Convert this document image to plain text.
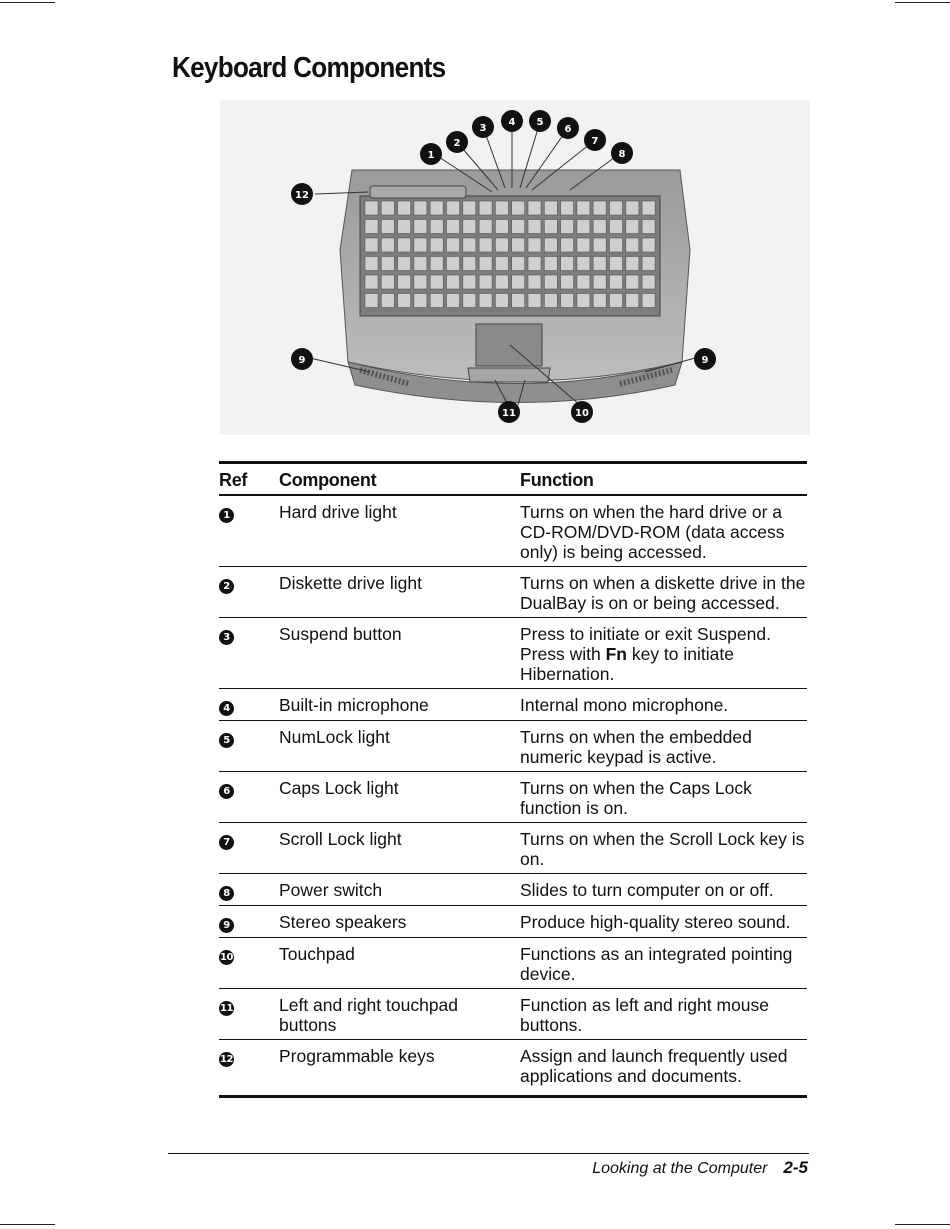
Keyboard Components
1
2
3
4 5
6
7
8
9	9
10
11
12
Ref	Component	Function
1	Hard drive light	Turns on when the hard drive or a CD-ROM/DVD-ROM (data access only) is being accessed.
2	Diskette drive light	Turns on when a diskette drive in the DualBay is on or being accessed.
3	Suspend button	Press to initiate or exit Suspend. Press with Fn key to initiate Hibernation.
4	Built-in microphone	Internal mono microphone.
5	NumLock light	Turns on when the embedded numeric keypad is active.
6	Caps Lock light	Turns on when the Caps Lock function is on.
7	Scroll Lock light	Turns on when the Scroll Lock key is on.
8	Power switch	Slides to turn computer on or off.
9	Stereo speakers	Produce high-quality stereo sound.
10	Touchpad	Functions as an integrated pointing device.
11	Left and right touchpad buttons	Function as left and right mouse buttons.
12	Programmable keys	Assign and launch frequently used applications and documents.
Looking at the Computer 2-5
